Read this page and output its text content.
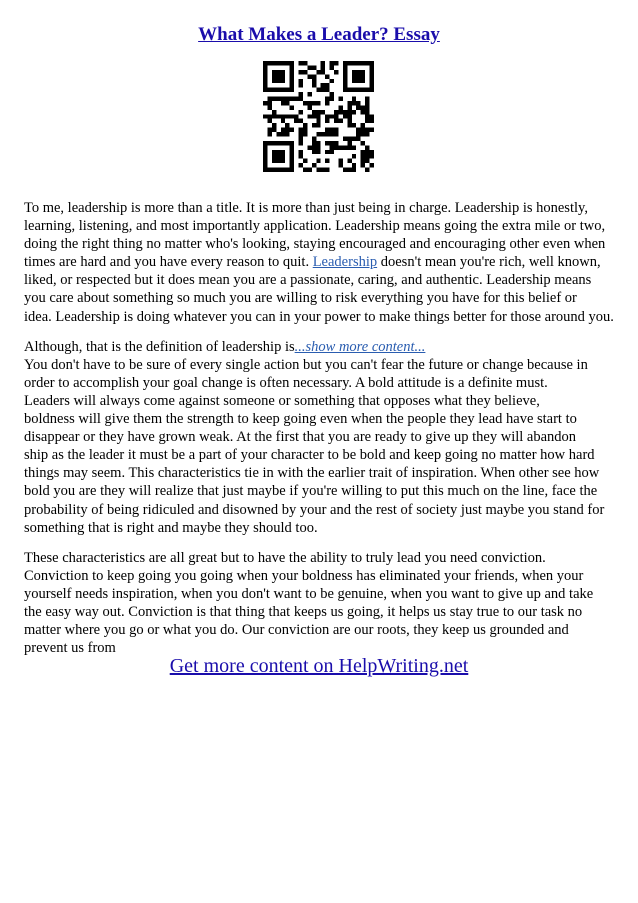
What Makes a Leader? Essay

To me, leadership is more than a title. It is more than just being in charge. Leadership is honestly,
learning, listening, and most importantly application. Leadership means going the extra mile or two,
doing the right thing no matter who's looking, staying encouraged and encouraging other even when
times are hard and you have every reason to quit. Leadership doesn't mean you're rich, well known,
liked, or respected but it does mean you are a passionate, caring, and authentic. Leadership means
you care about something so much you are willing to risk everything you have for this belief or
idea. Leadership is doing whatever you can in your power to make things better for those around you.

Although, that is the definition of leadership is...show more content...

You don't have to be sure of every single action but you can't fear the future or change because in
order to accomplish your goal change is often necessary. A bold attitude is a definite must.
Leaders will always come against someone or something that opposes what they believe,
boldness will give them the strength to keep going even when the people they lead have start to
disappear or they have grown weak. At the first that you are ready to give up they will abandon
ship as the leader it must be a part of your character to be bold and keep going no matter how hard
things may seem. This characteristics tie in with the earlier trait of inspiration. When other see how
bold you are they will realize that just maybe if you're willing to put this much on the line, face the
probability of being ridiculed and disowned by your and the rest of society just maybe you stand for
something that is right and maybe they should too.

These characteristics are all great but to have the ability to truly lead you need conviction.
Conviction to keep going you going when your boldness has eliminated your friends, when your
yourself needs inspiration, when you don't want to be genuine, when you want to give up and take
the easy way out. Conviction is that thing that keeps us going, it helps us stay true to our task no
matter where you go or what you do. Our conviction are our roots, they keep us grounded and
prevent us from

Get more content on HelpWriting.net
